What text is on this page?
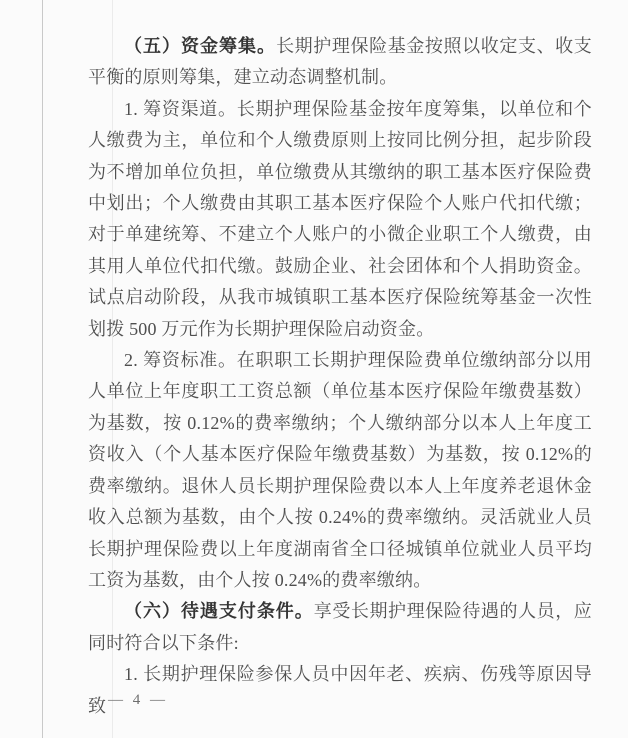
（五）资金筹集。长期护理保险基金按照以收定支、收支平衡的原则筹集，建立动态调整机制。

1. 筹资渠道。长期护理保险基金按年度筹集，以单位和个人缴费为主，单位和个人缴费原则上按同比例分担，起步阶段为不增加单位负担，单位缴费从其缴纳的职工基本医疗保险费中划出；个人缴费由其职工基本医疗保险个人账户代扣代缴；对于单建统筹、不建立个人账户的小微企业职工个人缴费，由其用人单位代扣代缴。鼓励企业、社会团体和个人捐助资金。试点启动阶段，从我市城镇职工基本医疗保险统筹基金一次性划拨 500 万元作为长期护理保险启动资金。

2. 筹资标准。在职职工长期护理保险费单位缴纳部分以用人单位上年度职工工资总额（单位基本医疗保险年缴费基数）为基数，按 0.12%的费率缴纳；个人缴纳部分以本人上年度工资收入（个人基本医疗保险年缴费基数）为基数，按 0.12%的费率缴纳。退休人员长期护理保险费以本人上年度养老退休金收入总额为基数，由个人按 0.24%的费率缴纳。灵活就业人员长期护理保险费以上年度湖南省全口径城镇单位就业人员平均工资为基数，由个人按 0.24%的费率缴纳。

（六）待遇支付条件。享受长期护理保险待遇的人员，应同时符合以下条件:

1. 长期护理保险参保人员中因年老、疾病、伤残等原因导致 — 4 —
